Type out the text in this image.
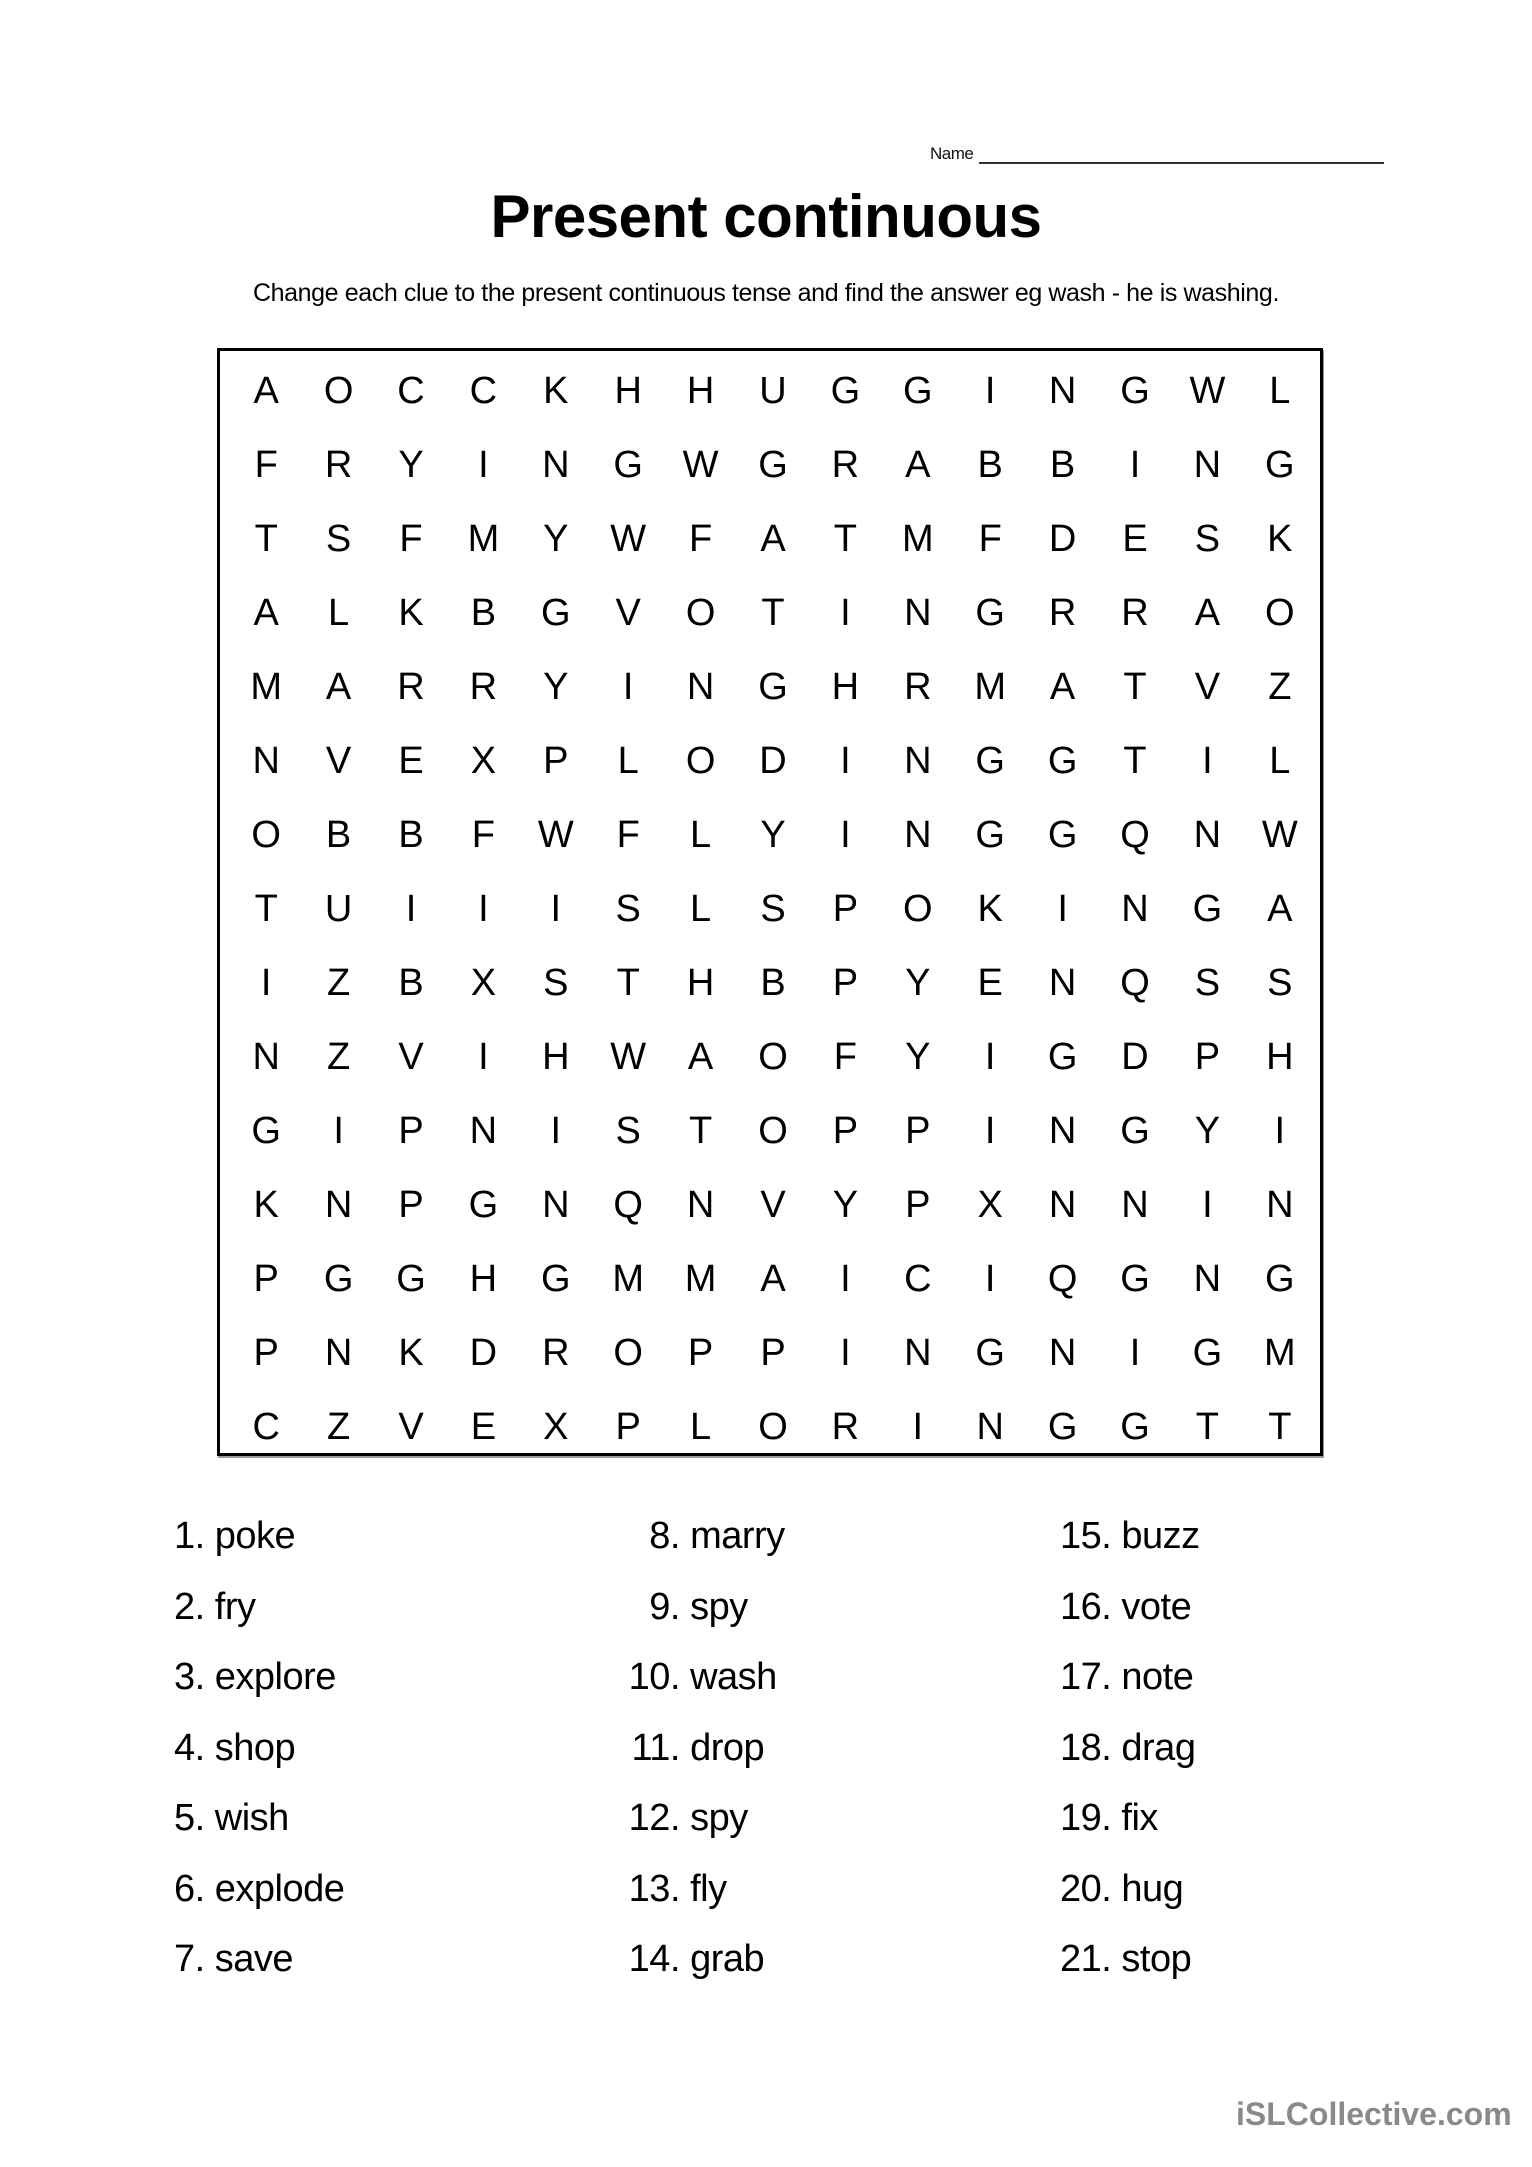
Name
Present continuous
Change each clue to the present continuous tense and find the answer eg wash - he is washing.
A	O	C	C	K	H	H	U	G	G	I	N	G	W	L
F	R	Y	I	N	G	W	G	R	A	B	B	I	N	G
T	S	F	M	Y	W	F	A	T	M	F	D	E	S	K
A	L	K	B	G	V	O	T	I	N	G	R	R	A	O
M	A	R	R	Y	I	N	G	H	R	M	A	T	V	Z
N	V	E	X	P	L	O	D	I	N	G	G	T	I	L
O	B	B	F	W	F	L	Y	I	N	G	G	Q	N	W
T	U	I	I	I	S	L	S	P	O	K	I	N	G	A
I	Z	B	X	S	T	H	B	P	Y	E	N	Q	S	S
N	Z	V	I	H	W	A	O	F	Y	I	G	D	P	H
G	I	P	N	I	S	T	O	P	P	I	N	G	Y	I
K	N	P	G	N	Q	N	V	Y	P	X	N	N	I	N
P	G	G	H	G	M	M	A	I	C	I	Q	G	N	G
P	N	K	D	R	O	P	P	I	N	G	N	I	G	M
C	Z	V	E	X	P	L	O	R	I	N	G	G	T	T
1. poke
2. fry
3. explore
4. shop
5. wish
6. explode
7. save
8. marry
9. spy
10. wash
11. drop
12. spy
13. fly
14. grab
15. buzz
16. vote
17. note
18. drag
19. fix
20. hug
21. stop
iSLCollective.com
